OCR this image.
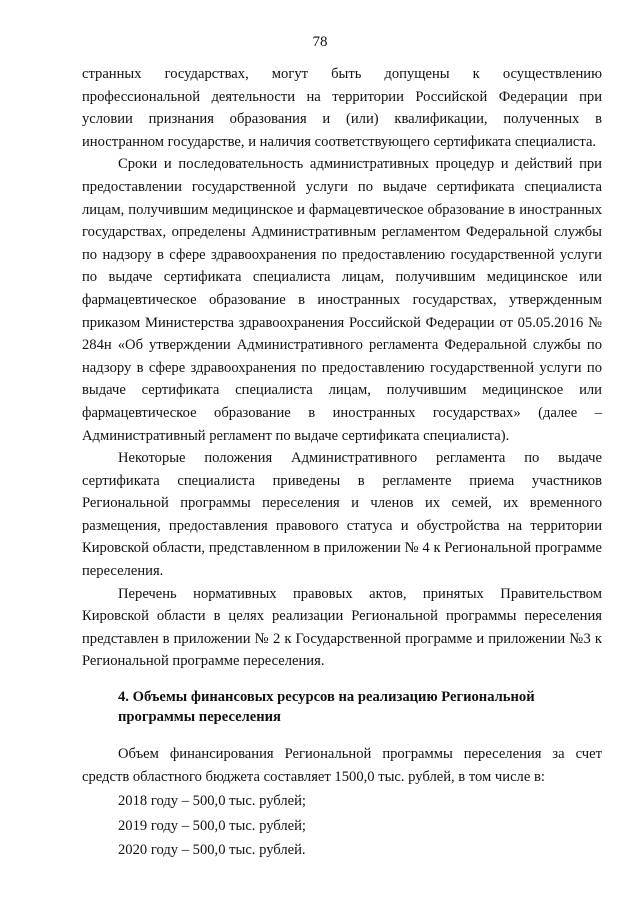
78

странных государствах, могут быть допущены к осуществлению профессиональной деятельности на территории Российской Федерации при условии признания образования и (или) квалификации, полученных в иностранном государстве, и наличия соответствующего сертификата специалиста.

Сроки и последовательность административных процедур и действий при предоставлении государственной услуги по выдаче сертификата специалиста лицам, получившим медицинское и фармацевтическое образование в иностранных государствах, определены Административным регламентом Федеральной службы по надзору в сфере здравоохранения по предоставлению государственной услуги по выдаче сертификата специалиста лицам, получившим медицинское или фармацевтическое образование в иностранных государствах, утвержденным приказом Министерства здравоохранения Российской Федерации от 05.05.2016 № 284н «Об утверждении Административного регламента Федеральной службы по надзору в сфере здравоохранения по предоставлению государственной услуги по выдаче сертификата специалиста лицам, получившим медицинское или фармацевтическое образование в иностранных государствах» (далее – Административный регламент по выдаче сертификата специалиста).

Некоторые положения Административного регламента по выдаче сертификата специалиста приведены в регламенте приема участников Региональной программы переселения и членов их семей, их временного размещения, предоставления правового статуса и обустройства на территории Кировской области, представленном в приложении № 4 к Региональной программе переселения.

Перечень нормативных правовых актов, принятых Правительством Кировской области в целях реализации Региональной программы переселения представлен в приложении № 2 к Государственной программе и приложении №3 к Региональной программе переселения.

4. Объемы финансовых ресурсов на реализацию Региональной программы переселения

Объем финансирования Региональной программы переселения за счет средств областного бюджета составляет 1500,0 тыс. рублей, в том числе в:

2018 году – 500,0 тыс. рублей;

2019 году – 500,0 тыс. рублей;

2020 году – 500,0 тыс. рублей.
